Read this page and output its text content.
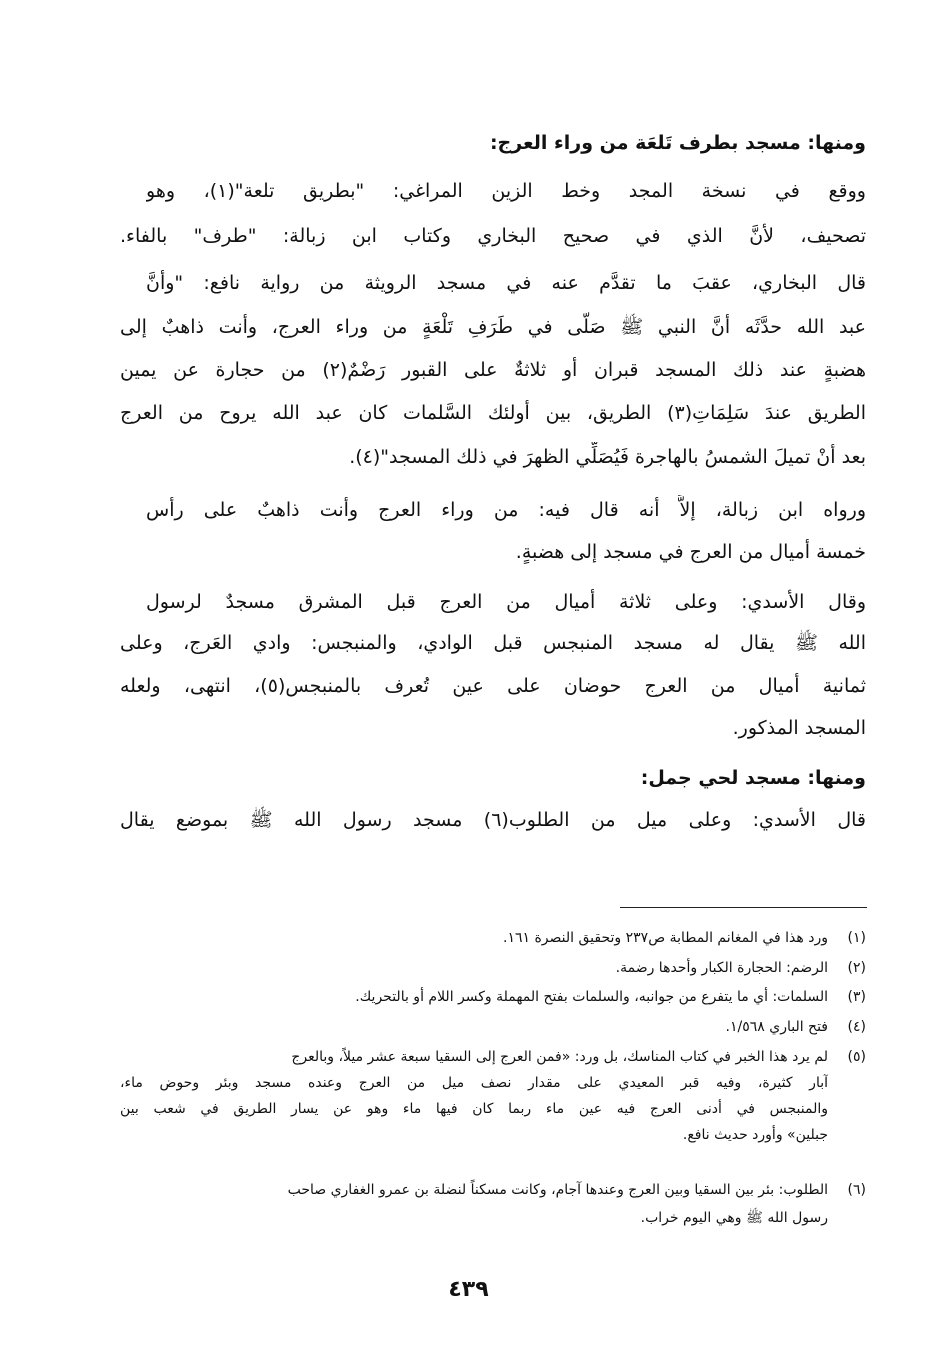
ومنها: مسجد بطرف تَلعَة من وراء العرج:
ووقع في نسخة المجد وخط الزين المراغي: "بطريق تلعة"(١)، وهو
تصحيف، لأنَّ الذي في صحيح البخاري وكتاب ابن زبالة: "طرف" بالفاء.
قال البخاري، عقبَ ما تقدَّم عنه في مسجد الرويثة من رواية نافع: "وأنَّ
عبد الله حدَّثَه أنَّ النبي ﷺ صَلَّى في طَرَفِ تَلْعَةٍ من وراء العرج، وأنت ذاهبٌ إلى
هضبةٍ عند ذلك المسجد قبران أو ثلاثةٌ على القبور رَضْمٌ(٢) من حجارة عن يمين
الطريق عندَ سَلِمَاتِ(٣) الطريق، بين أولئك السَّلمات كان عبد الله يروح من العرج
بعد أنْ تميلَ الشمسُ بالهاجرة فَيُصَلِّي الظهرَ في ذلك المسجد"(٤).
ورواه ابن زبالة، إلاَّ أنه قال فيه: من وراء العرج وأنت ذاهبٌ على رأس
خمسة أميال من العرج في مسجد إلى هضبةٍ.
وقال الأسدي: وعلى ثلاثة أميال من العرج قبل المشرق مسجدٌ لرسول
الله ﷺ يقال له مسجد المنبجس قبل الوادي، والمنبجس: وادي العَرج، وعلى
ثمانية أميال من العرج حوضان على عين تُعرف بالمنبجس(٥)، انتهى، ولعله
المسجد المذكور.
ومنها: مسجد لحي جمل:
قال الأسدي: وعلى ميل من الطلوب(٦) مسجد رسول الله ﷺ بموضع يقال
(١)ورد هذا في المغانم المطابة ص٢٣٧ وتحقيق النصرة ١٦١.
(٢)الرضم: الحجارة الكبار وأحدها رضمة.
(٣)السلمات: أي ما يتفرع من جوانبه، والسلمات بفتح المهملة وكسر اللام أو بالتحريك.
(٤)فتح الباري ١/٥٦٨.
(٥)لم يرد هذا الخبر في كتاب المناسك، بل ورد: «فمن العرج إلى السقيا سبعة عشر ميلاً، وبالعرج
آبار كثيرة، وفيه قبر المعيدي على مقدار نصف ميل من العرج وعنده مسجد وبئر وحوض ماء،
والمنبجس في أدنى العرج فيه عين ماء ربما كان فيها ماء وهو عن يسار الطريق في شعب بين
جبلين» وأورد حديث نافع.
(٦)الطلوب: بئر بين السقيا وبين العرج وعندها آجام، وكانت مسكناً لنضلة بن عمرو الغفاري صاحب
رسول الله ﷺ وهي اليوم خراب.
٤٣٩
